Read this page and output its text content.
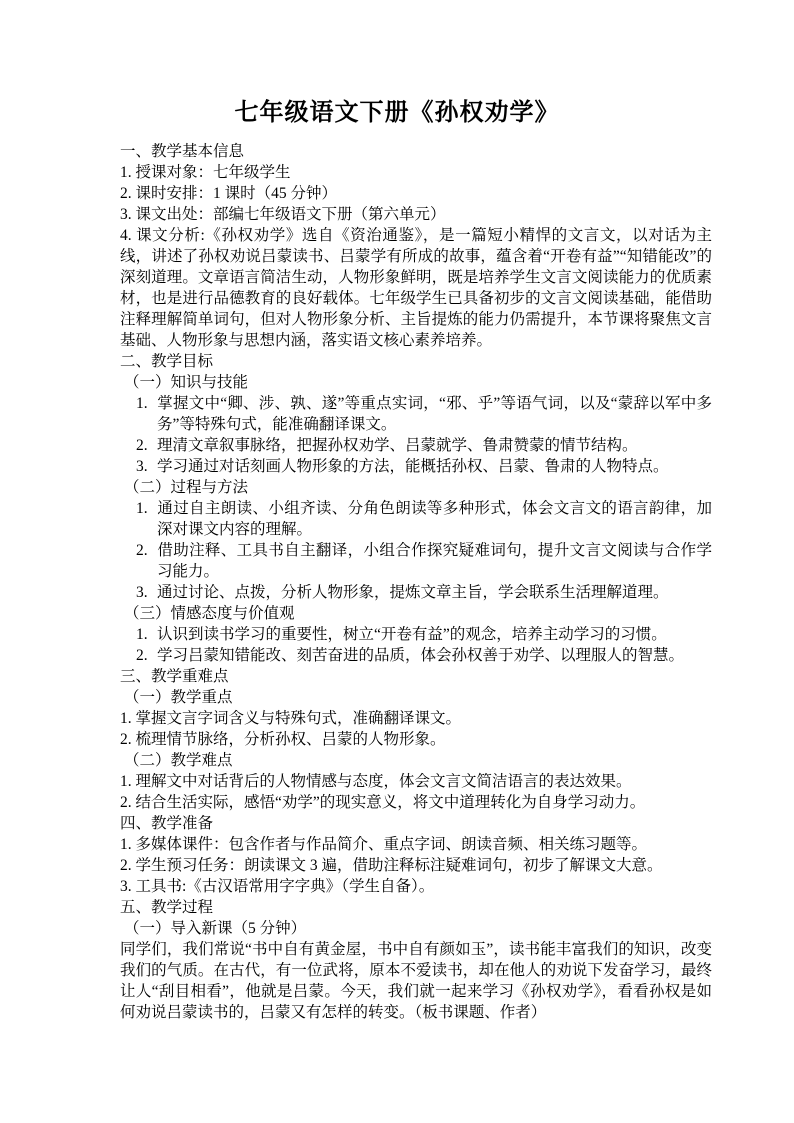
七年级语文下册《孙权劝学》

一、教学基本信息

1. 授课对象：七年级学生

2. 课时安排：1 课时（45 分钟）

3. 课文出处：部编七年级语文下册（第六单元）

4. 课文分析:《孙权劝学》选自《资治通鉴》，是一篇短小精悍的文言文，以对话为主线，讲述了孙权劝说吕蒙读书、吕蒙学有所成的故事，蕴含着“开卷有益”“知错能改”的深刻道理。文章语言简洁生动，人物形象鲜明，既是培养学生文言文阅读能力的优质素材，也是进行品德教育的良好载体。七年级学生已具备初步的文言文阅读基础，能借助注释理解简单词句，但对人物形象分析、主旨提炼的能力仍需提升，本节课将聚焦文言基础、人物形象与思想内涵，落实语文核心素养培养。

二、教学目标

（一）知识与技能

1. 掌握文中“卿、涉、孰、遂”等重点实词，“邪、乎”等语气词，以及“蒙辞以军中多务”等特殊句式，能准确翻译课文。

2. 理清文章叙事脉络，把握孙权劝学、吕蒙就学、鲁肃赞蒙的情节结构。

3. 学习通过对话刻画人物形象的方法，能概括孙权、吕蒙、鲁肃的人物特点。

（二）过程与方法

1. 通过自主朗读、小组齐读、分角色朗读等多种形式，体会文言文的语言韵律，加深对课文内容的理解。

2. 借助注释、工具书自主翻译，小组合作探究疑难词句，提升文言文阅读与合作学习能力。

3. 通过讨论、点拨，分析人物形象，提炼文章主旨，学会联系生活理解道理。

（三）情感态度与价值观

1. 认识到读书学习的重要性，树立“开卷有益”的观念，培养主动学习的习惯。

2. 学习吕蒙知错能改、刻苦奋进的品质，体会孙权善于劝学、以理服人的智慧。

三、教学重难点

（一）教学重点

1. 掌握文言字词含义与特殊句式，准确翻译课文。

2. 梳理情节脉络，分析孙权、吕蒙的人物形象。

（二）教学难点

1. 理解文中对话背后的人物情感与态度，体会文言文简洁语言的表达效果。

2. 结合生活实际，感悟“劝学”的现实意义，将文中道理转化为自身学习动力。

四、教学准备

1. 多媒体课件：包含作者与作品简介、重点字词、朗读音频、相关练习题等。

2. 学生预习任务：朗读课文 3 遍，借助注释标注疑难词句，初步了解课文大意。

3. 工具书:《古汉语常用字字典》（学生自备）。

五、教学过程

（一）导入新课（5 分钟）

同学们，我们常说“书中自有黄金屋，书中自有颜如玉”，读书能丰富我们的知识，改变我们的气质。在古代，有一位武将，原本不爱读书，却在他人的劝说下发奋学习，最终让人“刮目相看”，他就是吕蒙。今天，我们就一起来学习《孙权劝学》，看看孙权是如何劝说吕蒙读书的，吕蒙又有怎样的转变。（板书课题、作者）
